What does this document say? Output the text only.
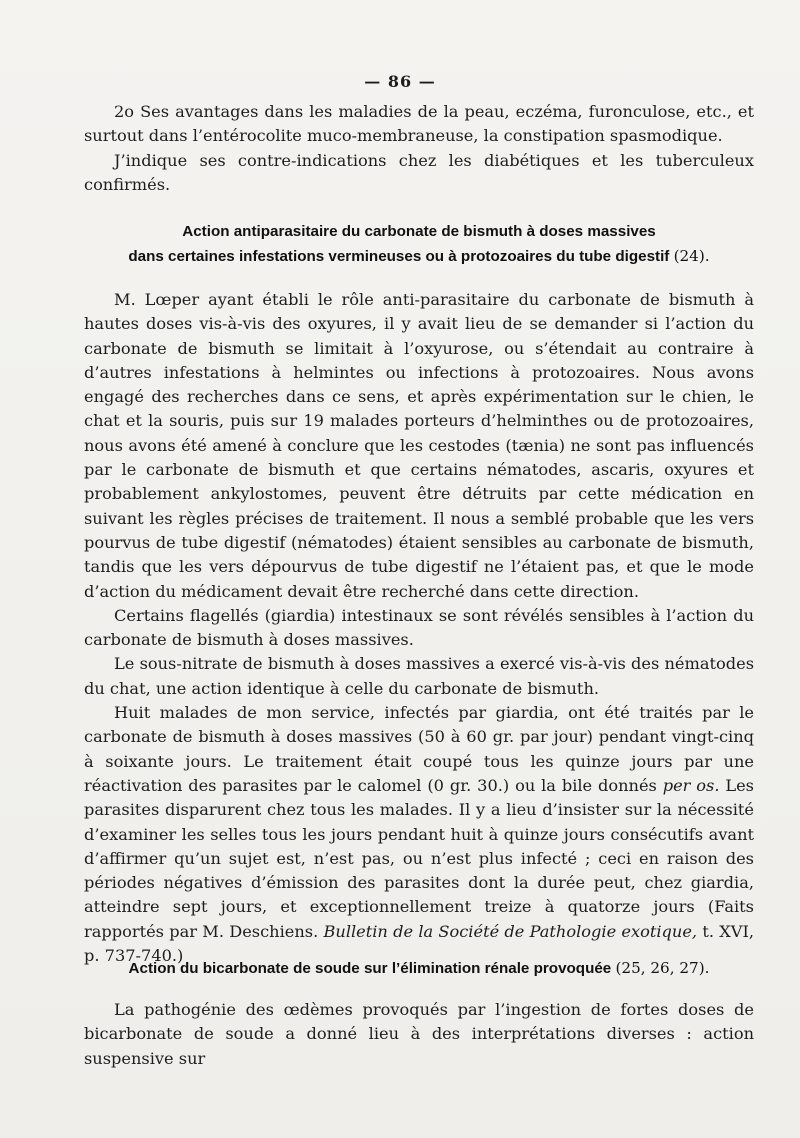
— 86 —

2o Ses avantages dans les maladies de la peau, eczéma, furonculose, etc., et surtout dans l’entérocolite muco-membraneuse, la constipation spasmodique.

J’indique ses contre-indications chez les diabétiques et les tuberculeux confirmés.

Action antiparasitaire du carbonate de bismuth à doses massives

dans certaines infestations vermineuses ou à protozoaires du tube digestif (24).

M. Lœper ayant établi le rôle anti-parasitaire du carbonate de bismuth à hautes doses vis-à-vis des oxyures, il y avait lieu de se demander si l’action du carbonate de bismuth se limitait à l’oxyurose, ou s’étendait au contraire à d’autres infestations à helmintes ou infections à protozoaires. Nous avons engagé des recherches dans ce sens, et après expérimentation sur le chien, le chat et la souris, puis sur 19 malades porteurs d’helminthes ou de protozoaires, nous avons été amené à conclure que les cestodes (tænia) ne sont pas influencés par le carbonate de bismuth et que certains nématodes, ascaris, oxyures et probablement ankylostomes, peuvent être détruits par cette médication en suivant les règles précises de traitement. Il nous a semblé probable que les vers pourvus de tube digestif (nématodes) étaient sensibles au carbonate de bismuth, tandis que les vers dépourvus de tube digestif ne l’étaient pas, et que le mode d’action du médicament devait être recherché dans cette direction.

Certains flagellés (giardia) intestinaux se sont révélés sensibles à l’action du carbonate de bismuth à doses massives.

Le sous-nitrate de bismuth à doses massives a exercé vis-à-vis des nématodes du chat, une action identique à celle du carbonate de bismuth.

Huit malades de mon service, infectés par giardia, ont été traités par le carbonate de bismuth à doses massives (50 à 60 gr. par jour) pendant vingt-cinq à soixante jours. Le traitement était coupé tous les quinze jours par une réactivation des parasites par le calomel (0 gr. 30.) ou la bile donnés per os. Les parasites disparurent chez tous les malades. Il y a lieu d’insister sur la nécessité d’examiner les selles tous les jours pendant huit à quinze jours consécutifs avant d’affirmer qu’un sujet est, n’est pas, ou n’est plus infecté ; ceci en raison des périodes négatives d’émission des parasites dont la durée peut, chez giardia, atteindre sept jours, et exceptionnellement treize à quatorze jours (Faits rapportés par M. Deschiens. Bulletin de la Société de Pathologie exotique, t. XVI, p. 737-740.)

Action du bicarbonate de soude sur l’élimination rénale provoquée (25, 26, 27).

La pathogénie des œdèmes provoqués par l’ingestion de fortes doses de bicarbonate de soude a donné lieu à des interprétations diverses : action suspensive sur
